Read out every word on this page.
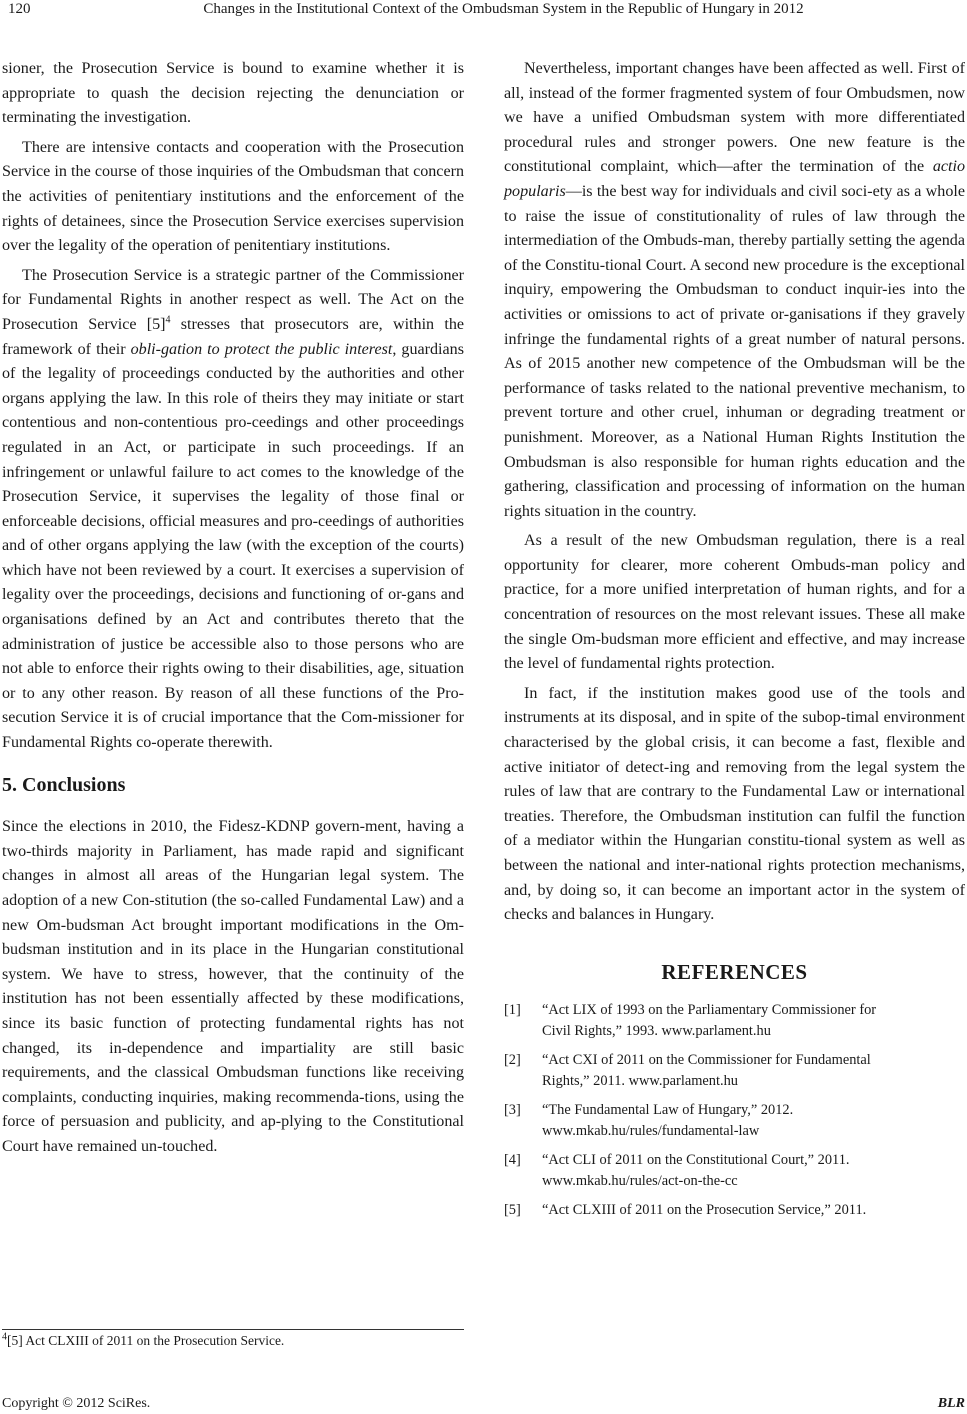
120	Changes in the Institutional Context of the Ombudsman System in the Republic of Hungary in 2012

sioner, the Prosecution Service is bound to examine whether it is appropriate to quash the decision rejecting the denunciation or terminating the investigation.

There are intensive contacts and cooperation with the Prosecution Service in the course of those inquiries of the Ombudsman that concern the activities of penitentiary institutions and the enforcement of the rights of detainees, since the Prosecution Service exercises supervision over the legality of the operation of penitentiary institutions.

The Prosecution Service is a strategic partner of the Commissioner for Fundamental Rights in another respect as well. The Act on the Prosecution Service $[5]^4$ stresses that prosecutors are, within the framework of their obli-gation to protect the public interest, guardians of the legality of proceedings conducted by the authorities and other organs applying the law. In this role of theirs they may initiate or start contentious and non-contentious pro-ceedings and other proceedings regulated in an Act, or participate in such proceedings. If an infringement or unlawful failure to act comes to the knowledge of the Prosecution Service, it supervises the legality of those final or enforceable decisions, official measures and pro-ceedings of authorities and of other organs applying the law (with the exception of the courts) which have not been reviewed by a court. It exercises a supervision of legality over the proceedings, decisions and functioning of or-gans and organisations defined by an Act and contributes thereto that the administration of justice be accessible also to those persons who are not able to enforce their rights owing to their disabilities, age, situation or to any other reason. By reason of all these functions of the Pro-secution Service it is of crucial importance that the Com-missioner for Fundamental Rights co-operate therewith.

5. Conclusions

Since the elections in 2010, the Fidesz-KDNP govern-ment, having a two-thirds majority in Parliament, has made rapid and significant changes in almost all areas of the Hungarian legal system. The adoption of a new Con-stitution (the so-called Fundamental Law) and a new Om-budsman Act brought important modifications in the Om-budsman institution and in its place in the Hungarian constitutional system. We have to stress, however, that the continuity of the institution has not been essentially affected by these modifications, since its basic function of protecting fundamental rights has not changed, its in-dependence and impartiality are still basic requirements, and the classical Ombudsman functions like receiving complaints, conducting inquiries, making recommenda-tions, using the force of persuasion and publicity, and ap-plying to the Constitutional Court have remained un-touched.

Nevertheless, important changes have been affected as well. First of all, instead of the former fragmented system of four Ombudsmen, now we have a unified Ombudsman system with more differentiated procedural rules and stronger powers. One new feature is the constitutional complaint, which—after the termination of the actio popularis—is the best way for individuals and civil soci-ety as a whole to raise the issue of constitutionality of rules of law through the intermediation of the Ombuds-man, thereby partially setting the agenda of the Constitu-tional Court. A second new procedure is the exceptional inquiry, empowering the Ombudsman to conduct inquir-ies into the activities or omissions to act of private or-ganisations if they gravely infringe the fundamental rights of a great number of natural persons. As of 2015 another new competence of the Ombudsman will be the performance of tasks related to the national preventive mechanism, to prevent torture and other cruel, inhuman or degrading treatment or punishment. Moreover, as a National Human Rights Institution the Ombudsman is also responsible for human rights education and the gathering, classification and processing of information on the human rights situation in the country.

As a result of the new Ombudsman regulation, there is a real opportunity for clearer, more coherent Ombuds-man policy and practice, for a more unified interpretation of human rights, and for a concentration of resources on the most relevant issues. These all make the single Om-budsman more efficient and effective, and may increase the level of fundamental rights protection.

In fact, if the institution makes good use of the tools and instruments at its disposal, and in spite of the subop-timal environment characterised by the global crisis, it can become a fast, flexible and active initiator of detect-ing and removing from the legal system the rules of law that are contrary to the Fundamental Law or international treaties. Therefore, the Ombudsman institution can fulfil the function of a mediator within the Hungarian constitu-tional system as well as between the national and inter-national rights protection mechanisms, and, by doing so, it can become an important actor in the system of checks and balances in Hungary.

REFERENCES
[1]	“Act LIX of 1993 on the Parliamentary Commissioner for
Civil Rights,” 1993. www.parlament.hu
[2]	“Act CXI of 2011 on the Commissioner for Fundamental
Rights,” 2011. www.parlament.hu
[3]	“The Fundamental Law of Hungary,” 2012.
www.mkab.hu/rules/fundamental-law
[4]	“Act CLI of 2011 on the Constitutional Court,” 2011.
www.mkab.hu/rules/act-on-the-cc
[5]	“Act CLXIII of 2011 on the Prosecution Service,” 2011.
$^4$[5] Act CLXIII of 2011 on the Prosecution Service.
Copyright © 2012 SciRes.	BLR
